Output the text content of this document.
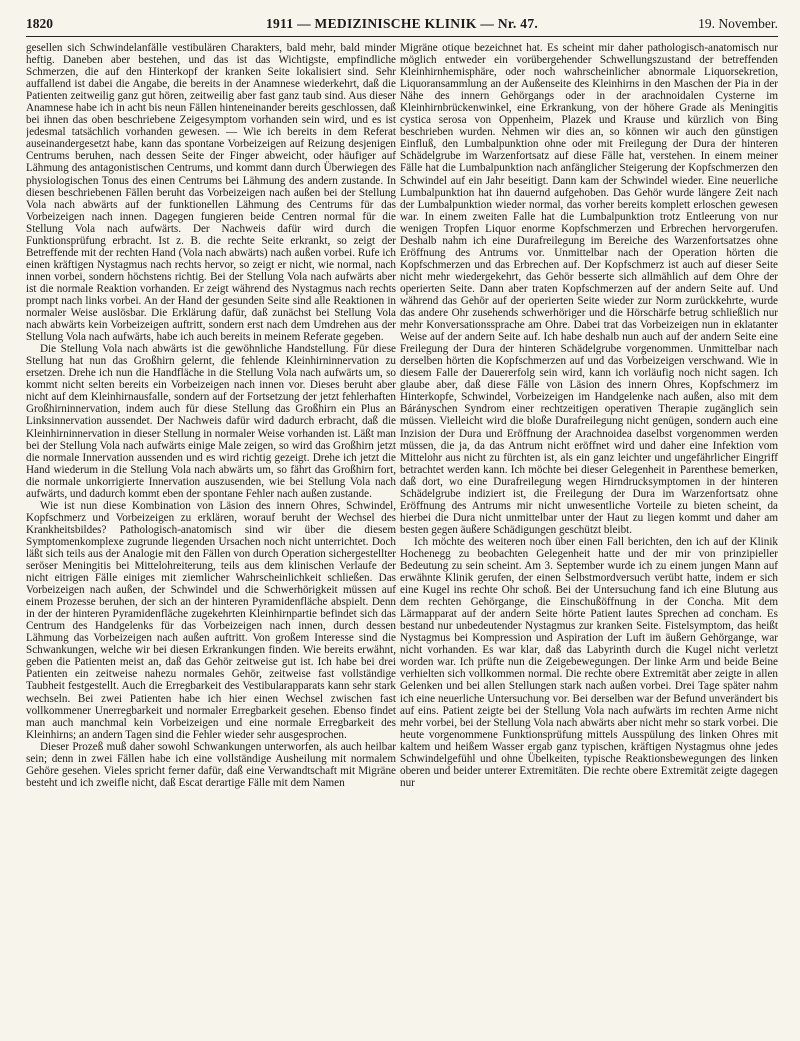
1820	1911 — MEDIZINISCHE KLINIK — Nr. 47.	19. November.

gesellen sich Schwindelanfälle vestibulären Charakters, bald mehr, bald minder heftig. Daneben aber bestehen, und das ist das Wichtigste, empfindliche Schmerzen, die auf den Hinterkopf der kranken Seite lokalisiert sind. Sehr auffallend ist dabei die Angabe, die bereits in der Anamnese wiederkehrt, daß die Patienten zeitweilig ganz gut hören, zeitweilig aber fast ganz taub sind. Aus dieser Anamnese habe ich in acht bis neun Fällen hinteneinander bereits geschlossen, daß bei ihnen das oben beschriebene Zeigesymptom vorhanden sein wird, und es ist jedesmal tatsächlich vorhanden gewesen. — Wie ich bereits in dem Referat auseinandergesetzt habe, kann das spontane Vorbeizeigen auf Reizung desjenigen Centrums beruhen, nach dessen Seite der Finger abweicht, oder häufiger auf Lähmung des antagonistischen Centrums, und kommt dann durch Überwiegen des physiologischen Tonus des einen Centrums bei Lähmung des andern zustande. In diesen beschriebenen Fällen beruht das Vorbeizeigen nach außen bei der Stellung Vola nach abwärts auf der funktionellen Lähmung des Centrums für das Vorbeizeigen nach innen. Dagegen fungieren beide Centren normal für die Stellung Vola nach aufwärts. Der Nachweis dafür wird durch die Funktionsprüfung erbracht. Ist z. B. die rechte Seite erkrankt, so zeigt der Betreffende mit der rechten Hand (Vola nach abwärts) nach außen vorbei. Rufe ich einen kräftigen Nystagmus nach rechts hervor, so zeigt er nicht, wie normal, nach innen vorbei, sondern höchstens richtig. Bei der Stellung Vola nach aufwärts aber ist die normale Reaktion vorhanden. Er zeigt während des Nystagmus nach rechts prompt nach links vorbei. An der Hand der gesunden Seite sind alle Reaktionen in normaler Weise auslösbar. Die Erklärung dafür, daß zunächst bei Stellung Vola nach abwärts kein Vorbeizeigen auftritt, sondern erst nach dem Umdrehen aus der Stellung Vola nach aufwärts, habe ich auch bereits in meinem Referate gegeben.

Die Stellung Vola nach abwärts ist die gewöhnliche Handstellung. Für diese Stellung hat nun das Großhirn gelernt, die fehlende Kleinhirninnervation zu ersetzen. Drehe ich nun die Handfläche in die Stellung Vola nach aufwärts um, so kommt nicht selten bereits ein Vorbeizeigen nach innen vor. Dieses beruht aber nicht auf dem Kleinhirnausfalle, sondern auf der Fortsetzung der jetzt fehlerhaften Großhirninnervation, indem auch für diese Stellung das Großhirn ein Plus an Linksinnervation aussendet. Der Nachweis dafür wird dadurch erbracht, daß die Kleinhirninnervation in dieser Stellung in normaler Weise vorhanden ist. Läßt man bei der Stellung Vola nach aufwärts einige Male zeigen, so wird das Großhirn jetzt die normale Innervation aussenden und es wird richtig gezeigt. Drehe ich jetzt die Hand wiederum in die Stellung Vola nach abwärts um, so fährt das Großhirn fort, die normale unkorrigierte Innervation auszusenden, wie bei Stellung Vola nach aufwärts, und dadurch kommt eben der spontane Fehler nach außen zustande.

Wie ist nun diese Kombination von Läsion des innern Ohres, Schwindel, Kopfschmerz und Vorbeizeigen zu erklären, worauf beruht der Wechsel des Krankheitsbildes? Pathologisch-anatomisch sind wir über die diesem Symptomenkomplexe zugrunde liegenden Ursachen noch nicht unterrichtet. Doch läßt sich teils aus der Analogie mit den Fällen von durch Operation sichergestellter seröser Meningitis bei Mittelohreiterung, teils aus dem klinischen Verlaufe der nicht eitrigen Fälle einiges mit ziemlicher Wahrscheinlichkeit schließen. Das Vorbeizeigen nach außen, der Schwindel und die Schwerhörigkeit müssen auf einem Prozesse beruhen, der sich an der hinteren Pyramidenfläche abspielt. Denn in der der hinteren Pyramidenfläche zugekehrten Kleinhirnpartie befindet sich das Centrum des Handgelenks für das Vorbeizeigen nach innen, durch dessen Lähmung das Vorbeizeigen nach außen auftritt. Von großem Interesse sind die Schwankungen, welche wir bei diesen Erkrankungen finden. Wie bereits erwähnt, geben die Patienten meist an, daß das Gehör zeitweise gut ist. Ich habe bei drei Patienten ein zeitweise nahezu normales Gehör, zeitweise fast vollständige Taubheit festgestellt. Auch die Erregbarkeit des Vestibularapparats kann sehr stark wechseln. Bei zwei Patienten habe ich hier einen Wechsel zwischen fast vollkommener Unerregbarkeit und normaler Erregbarkeit gesehen. Ebenso findet man auch manchmal kein Vorbeizeigen und eine normale Erregbarkeit des Kleinhirns; an andern Tagen sind die Fehler wieder sehr ausgesprochen.

Dieser Prozeß muß daher sowohl Schwankungen unterworfen, als auch heilbar sein; denn in zwei Fällen habe ich eine vollständige Ausheilung mit normalem Gehöre gesehen. Vieles spricht ferner dafür, daß eine Verwandtschaft mit Migräne besteht und ich zweifle nicht, daß Escat derartige Fälle mit dem Namen

Migräne otique bezeichnet hat. Es scheint mir daher pathologisch-anatomisch nur möglich entweder ein vorübergehender Schwellungszustand der betreffenden Kleinhirnhemisphäre, oder noch wahrscheinlicher abnormale Liquorsekretion, Liquoransammlung an der Außenseite des Kleinhirns in den Maschen der Pia in der Nähe des innern Gehörgangs oder in der arachnoidalen Cysterne im Kleinhirnbrückenwinkel, eine Erkrankung, von der höhere Grade als Meningitis cystica serosa von Oppenheim, Plazek und Krause und kürzlich von Bing beschrieben wurden. Nehmen wir dies an, so können wir auch den günstigen Einfluß, den Lumbalpunktion ohne oder mit Freilegung der Dura der hinteren Schädelgrube im Warzenfortsatz auf diese Fälle hat, verstehen. In einem meiner Fälle hat die Lumbalpunktion nach anfänglicher Steigerung der Kopfschmerzen den Schwindel auf ein Jahr beseitigt. Dann kam der Schwindel wieder. Eine neuerliche Lumbalpunktion hat ihn dauernd aufgehoben. Das Gehör wurde längere Zeit nach der Lumbalpunktion wieder normal, das vorher bereits komplett erloschen gewesen war. In einem zweiten Falle hat die Lumbalpunktion trotz Entleerung von nur wenigen Tropfen Liquor enorme Kopfschmerzen und Erbrechen hervorgerufen. Deshalb nahm ich eine Durafreilegung im Bereiche des Warzenfortsatzes ohne Eröffnung des Antrums vor. Unmittelbar nach der Operation hörten die Kopfschmerzen und das Erbrechen auf. Der Kopfschmerz ist auch auf dieser Seite nicht mehr wiedergekehrt, das Gehör besserte sich allmählich auf dem Ohre der operierten Seite. Dann aber traten Kopfschmerzen auf der andern Seite auf. Und während das Gehör auf der operierten Seite wieder zur Norm zurückkehrte, wurde das andere Ohr zusehends schwerhöriger und die Hörschärfe betrug schließlich nur mehr Konversationssprache am Ohre. Dabei trat das Vorbeizeigen nun in eklatanter Weise auf der andern Seite auf. Ich habe deshalb nun auch auf der andern Seite eine Freilegung der Dura der hinteren Schädelgrube vorgenommen. Unmittelbar nach derselben hörten die Kopfschmerzen auf und das Vorbeizeigen verschwand. Wie in diesem Falle der Dauererfolg sein wird, kann ich vorläufig noch nicht sagen. Ich glaube aber, daß diese Fälle von Läsion des innern Ohres, Kopfschmerz im Hinterkopfe, Schwindel, Vorbeizeigen im Handgelenke nach außen, also mit dem Bárányschen Syndrom einer rechtzeitigen operativen Therapie zugänglich sein müssen. Vielleicht wird die bloße Durafreilegung nicht genügen, sondern auch eine Inzision der Dura und Eröffnung der Arachnoidea daselbst vorgenommen werden müssen, die ja, da das Antrum nicht eröffnet wird und daher eine Infektion vom Mittelohr aus nicht zu fürchten ist, als ein ganz leichter und ungefährlicher Eingriff betrachtet werden kann. Ich möchte bei dieser Gelegenheit in Parenthese bemerken, daß dort, wo eine Durafreilegung wegen Hirndrucksymptomen in der hinteren Schädelgrube indiziert ist, die Freilegung der Dura im Warzenfortsatz ohne Eröffnung des Antrums mir nicht unwesentliche Vorteile zu bieten scheint, da hierbei die Dura nicht unmittelbar unter der Haut zu liegen kommt und daher am besten gegen äußere Schädigungen geschützt bleibt.

Ich möchte des weiteren noch über einen Fall berichten, den ich auf der Klinik Hochenegg zu beobachten Gelegenheit hatte und der mir von prinzipieller Bedeutung zu sein scheint. Am 3. September wurde ich zu einem jungen Mann auf erwähnte Klinik gerufen, der einen Selbstmordversuch verübt hatte, indem er sich eine Kugel ins rechte Ohr schoß. Bei der Untersuchung fand ich eine Blutung aus dem rechten Gehörgange, die Einschußöffnung in der Concha. Mit dem Lärmapparat auf der andern Seite hörte Patient lautes Sprechen ad concham. Es bestand nur unbedeutender Nystagmus zur kranken Seite. Fistelsymptom, das heißt Nystagmus bei Kompression und Aspiration der Luft im äußern Gehörgange, war nicht vorhanden. Es war klar, daß das Labyrinth durch die Kugel nicht verletzt worden war. Ich prüfte nun die Zeigebewegungen. Der linke Arm und beide Beine verhielten sich vollkommen normal. Die rechte obere Extremität aber zeigte in allen Gelenken und bei allen Stellungen stark nach außen vorbei. Drei Tage später nahm ich eine neuerliche Untersuchung vor. Bei derselben war der Befund unverändert bis auf eins. Patient zeigte bei der Stellung Vola nach aufwärts im rechten Arme nicht mehr vorbei, bei der Stellung Vola nach abwärts aber nicht mehr so stark vorbei. Die heute vorgenommene Funktionsprüfung mittels Ausspülung des linken Ohres mit kaltem und heißem Wasser ergab ganz typischen, kräftigen Nystagmus ohne jedes Schwindelgefühl und ohne Übelkeiten, typische Reaktionsbewegungen des linken oberen und beider unterer Extremitäten. Die rechte obere Extremität zeigte dagegen nur
